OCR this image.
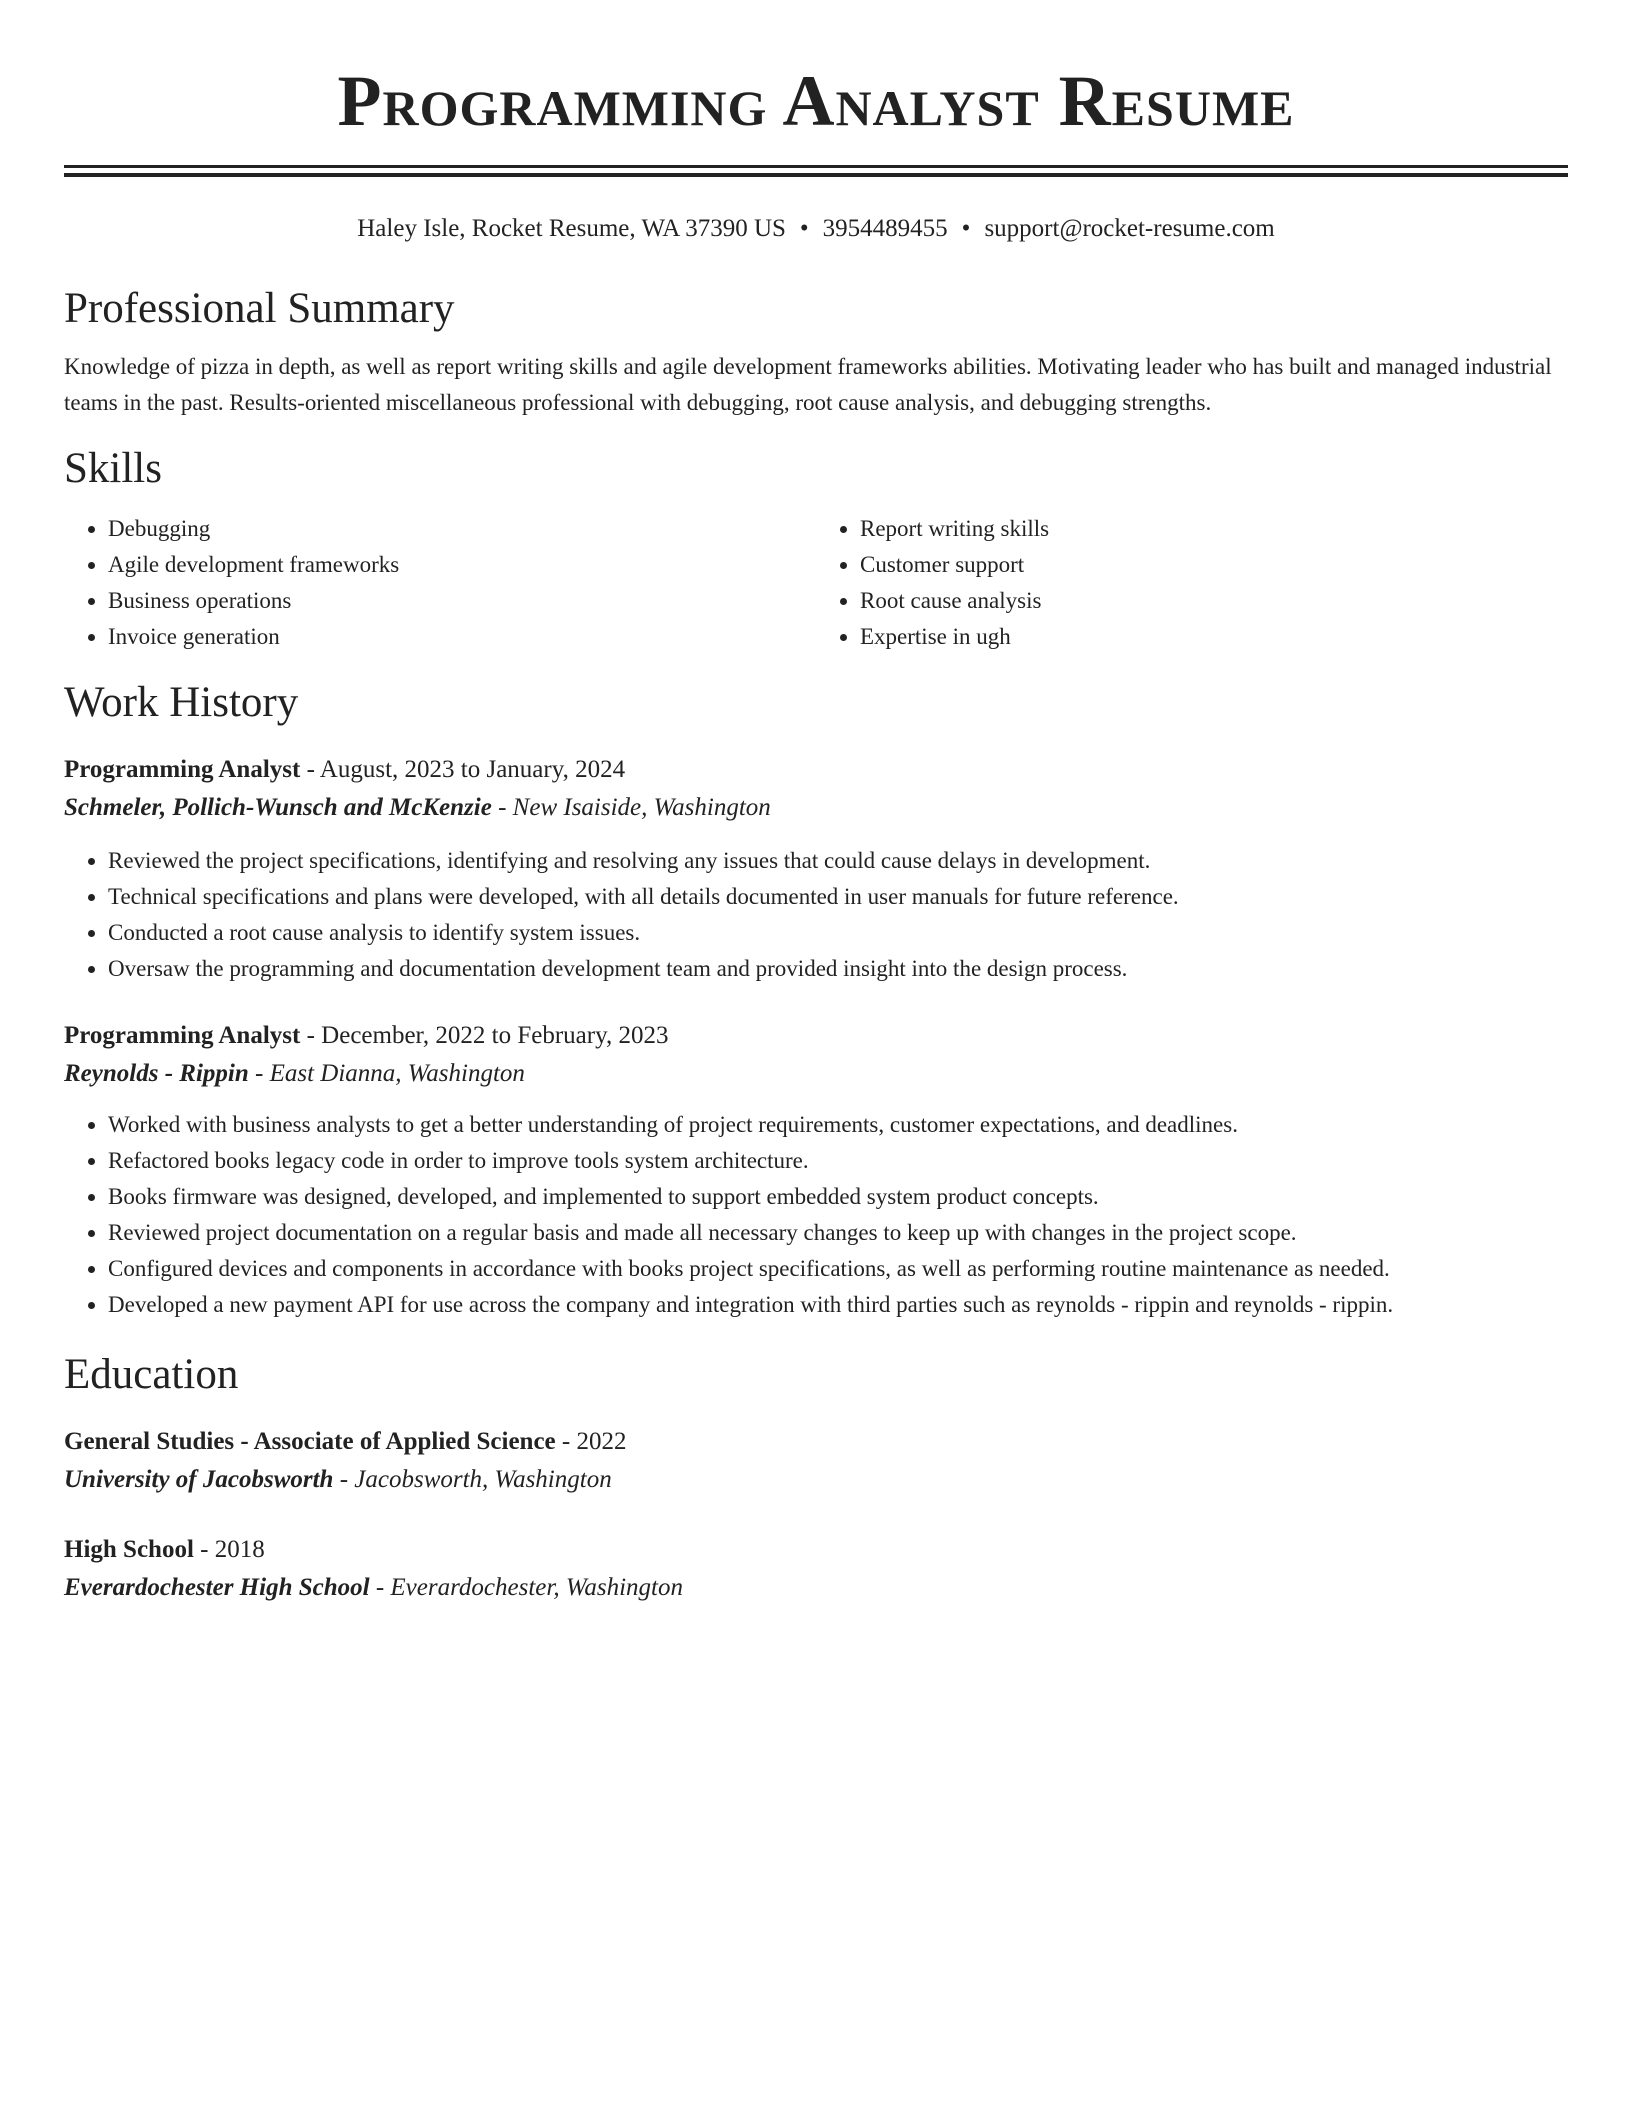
Programming Analyst Resume
Haley Isle, Rocket Resume, WA 37390 US • 3954489455 • support@rocket-resume.com
Professional Summary
Knowledge of pizza in depth, as well as report writing skills and agile development frameworks abilities. Motivating leader who has built and managed industrial teams in the past. Results-oriented miscellaneous professional with debugging, root cause analysis, and debugging strengths.
Skills
• Debugging
• Agile development frameworks
• Business operations
• Invoice generation
• Report writing skills
• Customer support
• Root cause analysis
• Expertise in ugh
Work History
Programming Analyst - August, 2023 to January, 2024
Schmeler, Pollich-Wunsch and McKenzie - New Isaiside, Washington
• Reviewed the project specifications, identifying and resolving any issues that could cause delays in development.
• Technical specifications and plans were developed, with all details documented in user manuals for future reference.
• Conducted a root cause analysis to identify system issues.
• Oversaw the programming and documentation development team and provided insight into the design process.
Programming Analyst - December, 2022 to February, 2023
Reynolds - Rippin - East Dianna, Washington
• Worked with business analysts to get a better understanding of project requirements, customer expectations, and deadlines.
• Refactored books legacy code in order to improve tools system architecture.
• Books firmware was designed, developed, and implemented to support embedded system product concepts.
• Reviewed project documentation on a regular basis and made all necessary changes to keep up with changes in the project scope.
• Configured devices and components in accordance with books project specifications, as well as performing routine maintenance as needed.
• Developed a new payment API for use across the company and integration with third parties such as reynolds - rippin and reynolds - rippin.
Education
General Studies - Associate of Applied Science - 2022
University of Jacobsworth - Jacobsworth, Washington
High School - 2018
Everardochester High School - Everardochester, Washington
